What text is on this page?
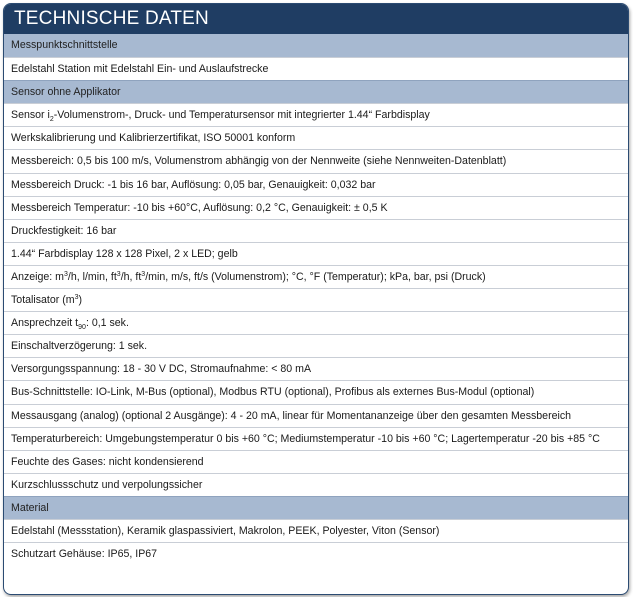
TECHNISCHE DATEN
Messpunktschnittstelle
Edelstahl Station mit Edelstahl Ein- und Auslaufstrecke
Sensor ohne Applikator
Sensor $i_2-Volumenstrom-$, Druck- und Temperatursensor mit integrierter 1.44“ Farbdisplay
Werkskalibrierung und Kalibrierzertifikat, ISO 50001 konform
Messbereich: 0,5 bis 100 m/s, Volumenstrom abhängig von der Nennweite (siehe Nennweiten-Datenblatt)
Messbereich Druck: -1 bis 16 bar, Auflösung: 0,05 bar, Genauigkeit: 0,032 bar
Messbereich Temperatur: -10 bis +60°C, Auflösung: 0,2 °C, Genauigkeit: ± 0,5 K
Druckfestigkeit: 16 bar
1.44“ Farbdisplay 128 x 128 Pixel, 2 x LED; gelb
Anzeige: $m^3/h$, l/min, $ft^3/h$, $ft^3/\min$, m/s, ft/s (Volumenstrom); °C, °F (Temperatur); kPa, bar, psi (Druck)
Totalisator $(m^3)$
Ansprechzeit $t_{90}$: 0,1 sek.
Einschaltverzögerung: 1 sek.
Versorgungsspannung: 18 - 30 V DC, Stromaufnahme: < 80 mA
Bus-Schnittstelle: IO-Link, M-Bus (optional), Modbus RTU (optional), Profibus als externes Bus-Modul (optional)
Messausgang (analog) (optional 2 Ausgänge): 4 - 20 mA, linear für Momentananzeige über den gesamten Messbereich
Temperaturbereich: Umgebungstemperatur 0 bis +60 °C; Mediumstemperatur -10 bis +60 °C; Lagertemperatur -20 bis +85 °C
Feuchte des Gases: nicht kondensierend
Kurzschlussschutz und verpolungssicher
Material
Edelstahl (Messstation), Keramik glaspassiviert, Makrolon, PEEK, Polyester, Viton (Sensor)
Schutzart Gehäuse: IP65, IP67
